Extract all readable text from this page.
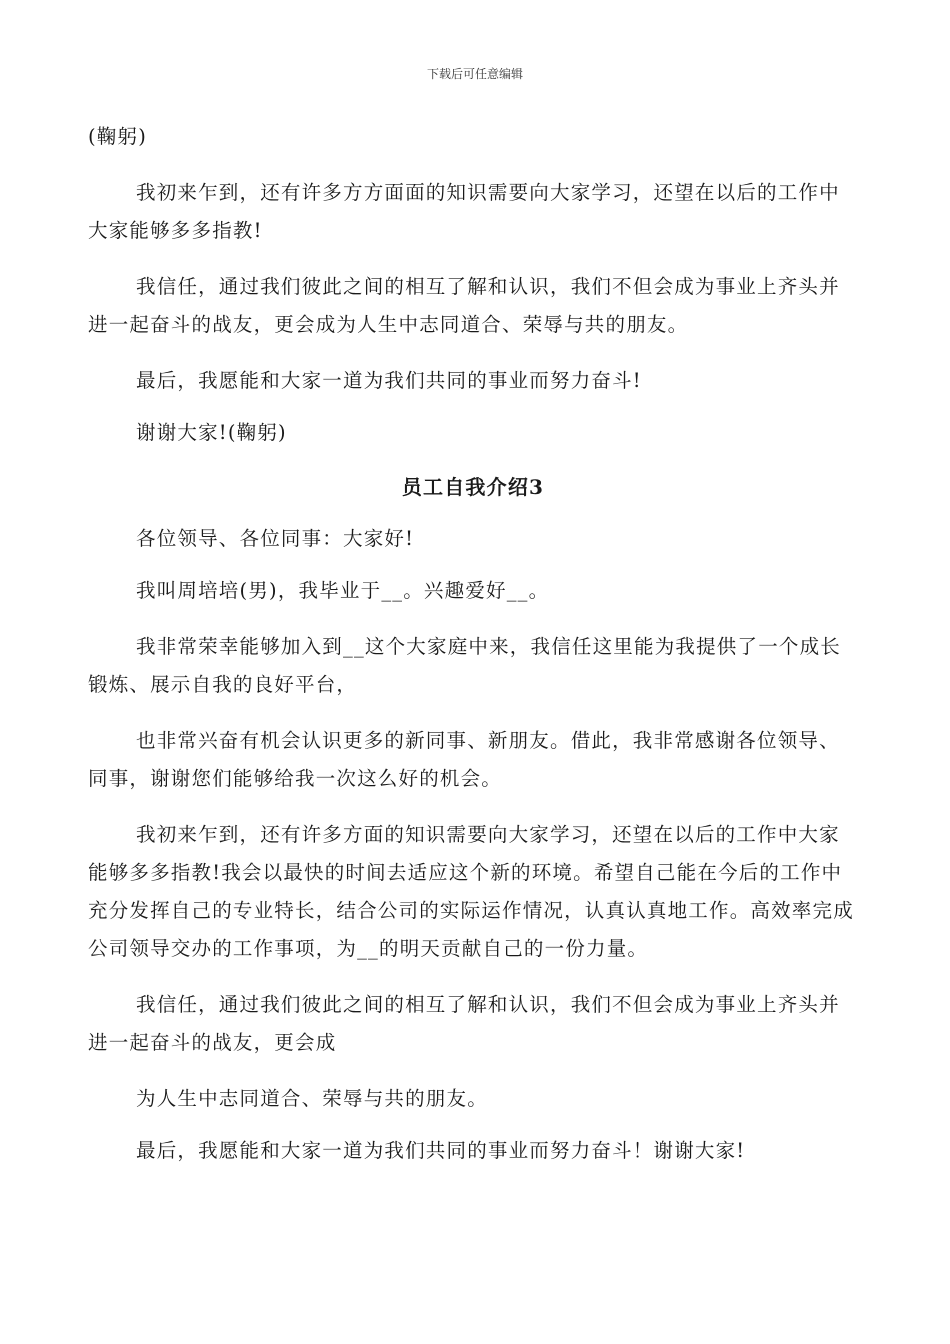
下载后可任意编辑

(鞠躬)

我初来乍到，还有许多方方面面的知识需要向大家学习，还望在以后的工作中大家能够多多指教!

我信任，通过我们彼此之间的相互了解和认识，我们不但会成为事业上齐头并进一起奋斗的战友，更会成为人生中志同道合、荣辱与共的朋友。

最后，我愿能和大家一道为我们共同的事业而努力奋斗!

谢谢大家!(鞠躬)

员工自我介绍3

各位领导、各位同事：大家好!

我叫周培培(男)，我毕业于__。兴趣爱好__。

我非常荣幸能够加入到__这个大家庭中来，我信任这里能为我提供了一个成长锻炼、展示自我的良好平台，

也非常兴奋有机会认识更多的新同事、新朋友。借此，我非常感谢各位领导、同事，谢谢您们能够给我一次这么好的机会。

我初来乍到，还有许多方面的知识需要向大家学习，还望在以后的工作中大家能够多多指教!我会以最快的时间去适应这个新的环境。希望自己能在今后的工作中充分发挥自己的专业特长，结合公司的实际运作情况，认真认真地工作。高效率完成公司领导交办的工作事项，为__的明天贡献自己的一份力量。

我信任，通过我们彼此之间的相互了解和认识，我们不但会成为事业上齐头并进一起奋斗的战友，更会成

为人生中志同道合、荣辱与共的朋友。

最后，我愿能和大家一道为我们共同的事业而努力奋斗！谢谢大家!
